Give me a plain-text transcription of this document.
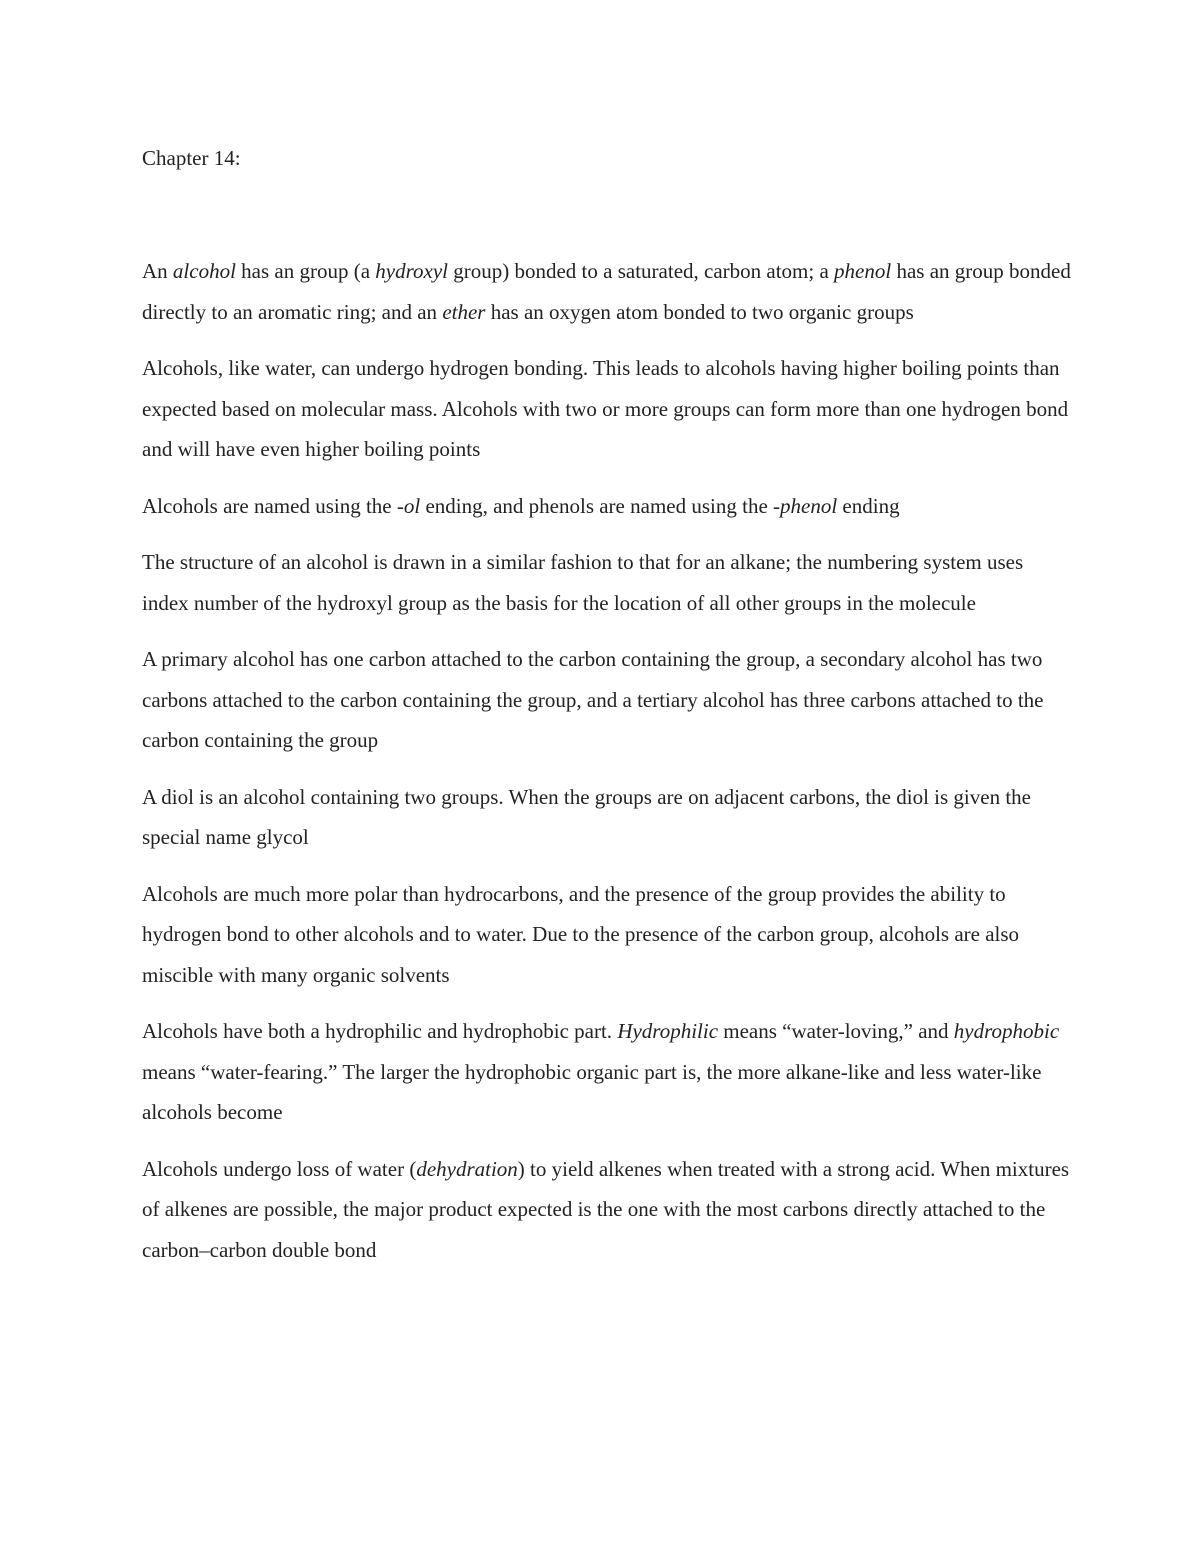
Chapter 14:

An alcohol has an group (a hydroxyl group) bonded to a saturated, carbon atom; a phenol has an group bonded directly to an aromatic ring; and an ether has an oxygen atom bonded to two organic groups

Alcohols, like water, can undergo hydrogen bonding. This leads to alcohols having higher boiling points than expected based on molecular mass. Alcohols with two or more groups can form more than one hydrogen bond and will have even higher boiling points

Alcohols are named using the -ol ending, and phenols are named using the -phenol ending

The structure of an alcohol is drawn in a similar fashion to that for an alkane; the numbering system uses index number of the hydroxyl group as the basis for the location of all other groups in the molecule

A primary alcohol has one carbon attached to the carbon containing the group, a secondary alcohol has two carbons attached to the carbon containing the group, and a tertiary alcohol has three carbons attached to the carbon containing the group

A diol is an alcohol containing two groups. When the groups are on adjacent carbons, the diol is given the special name glycol

Alcohols are much more polar than hydrocarbons, and the presence of the group provides the ability to hydrogen bond to other alcohols and to water. Due to the presence of the carbon group, alcohols are also miscible with many organic solvents

Alcohols have both a hydrophilic and hydrophobic part. Hydrophilic means “water-loving,” and hydrophobic means “water-fearing.” The larger the hydrophobic organic part is, the more alkane-like and less water-like alcohols become

Alcohols undergo loss of water (dehydration) to yield alkenes when treated with a strong acid. When mixtures of alkenes are possible, the major product expected is the one with the most carbons directly attached to the carbon–carbon double bond
